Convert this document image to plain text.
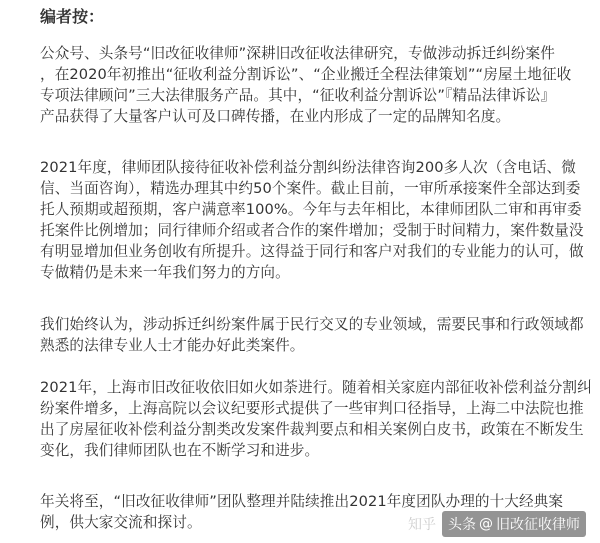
编者按：

公众号、头条号“旧改征收律师”深耕旧改征收法律研究，专做涉动拆迁纠纷案件
，在2020年初推出“征收利益分割诉讼”、“企业搬迁全程法律策划”“房屋土地征收
专项法律顾问”三大法律服务产品。其中，“征收利益分割诉讼”『精品法律诉讼』
产品获得了大量客户认可及口碑传播，在业内形成了一定的品牌知名度。

2021年度，律师团队接待征收补偿利益分割纠纷法律咨询200多人次（含电话、微
信、当面咨询），精选办理其中约50个案件。截止目前，一审所承接案件全部达到委
托人预期或超预期，客户满意率100%。今年与去年相比，本律师团队二审和再审委
托案件比例增加；同行律师介绍或者合作的案件增加；受制于时间精力，案件数量没
有明显增加但业务创收有所提升。这得益于同行和客户对我们的专业能力的认可，做
专做精仍是未来一年我们努力的方向。

我们始终认为，涉动拆迁纠纷案件属于民行交叉的专业领域，需要民事和行政领域都
熟悉的法律专业人士才能办好此类案件。

2021年，上海市旧改征收依旧如火如荼进行。随着相关家庭内部征收补偿利益分割纠
纷案件增多，上海高院以会议纪要形式提供了一些审判口径指导，上海二中法院也推
出了房屋征收补偿利益分割类改发案件裁判要点和相关案例白皮书，政策在不断发生
变化，我们律师团队也在不断学习和进步。

年关将至，“旧改征收律师”团队整理并陆续推出2021年度团队办理的十大经典案
例，供大家交流和探讨。	知乎 头条 @ 旧改征收律师
